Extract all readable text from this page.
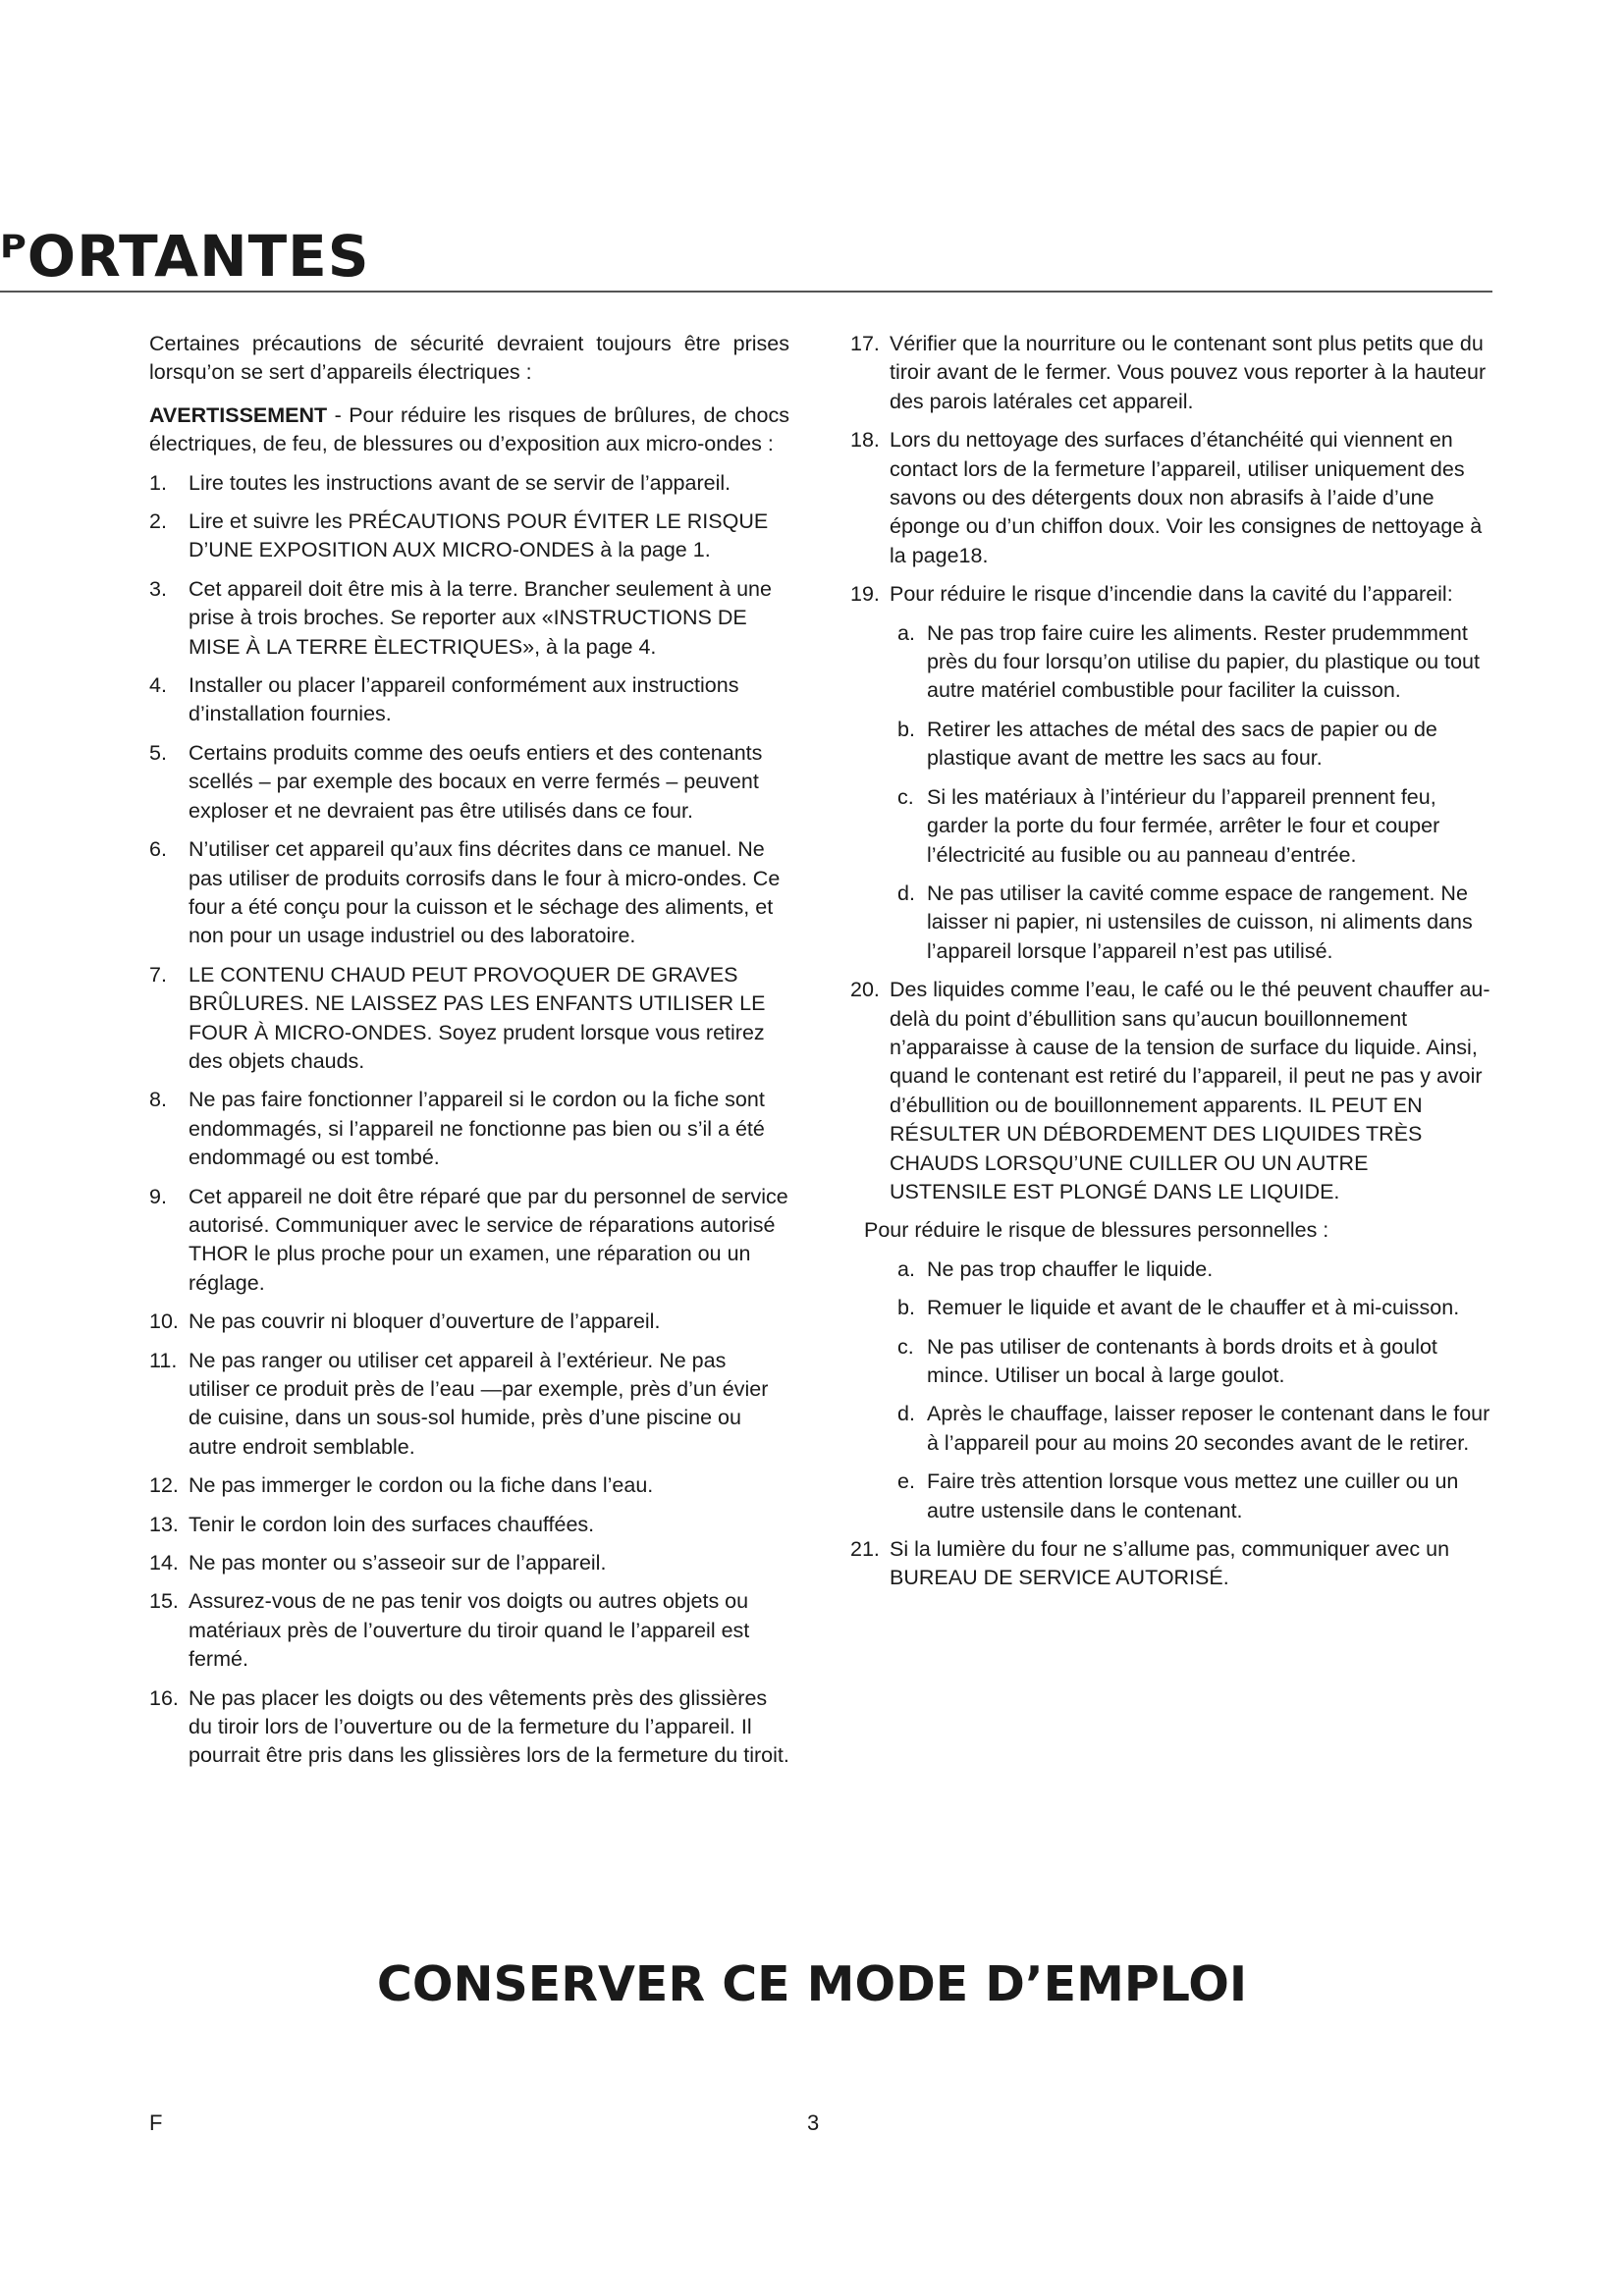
ᴾORTANTES

Certaines précautions de sécurité devraient toujours être prises lorsqu’on se sert d’appareils électriques :

AVERTISSEMENT - Pour réduire les risques de brûlures, de chocs électriques, de feu, de blessures ou d’exposition aux micro-ondes :

1.	Lire toutes les instructions avant de se servir de l’appareil.
2.	Lire et suivre les PRÉCAUTIONS POUR ÉVITER LE RISQUE D’UNE EXPOSITION AUX MICRO-ONDES à la page 1.
3.	Cet appareil doit être mis à la terre. Brancher seulement à une prise à trois broches. Se reporter aux «INSTRUCTIONS DE MISE À LA TERRE ÈLECTRIQUES», à la page 4.
4.	Installer ou placer l’appareil conformément aux instructions d’installation fournies.
5.	Certains produits comme des oeufs entiers et des contenants scellés – par exemple des bocaux en verre fermés – peuvent exploser et ne devraient pas être utilisés dans ce four.
6.	N’utiliser cet appareil qu’aux fins décrites dans ce manuel. Ne pas utiliser de produits corrosifs dans le four à micro-ondes. Ce four a été conçu pour la cuisson et le séchage des aliments, et non pour un usage industriel ou des laboratoire.
7.	LE CONTENU CHAUD PEUT PROVOQUER DE GRAVES BRÛLURES. NE LAISSEZ PAS LES ENFANTS UTILISER LE FOUR À MICRO-ONDES. Soyez prudent lorsque vous retirez des objets chauds.
8.	Ne pas faire fonctionner l’appareil si le cordon ou la fiche sont endommagés, si l’appareil ne fonctionne pas bien ou s’il a été endommagé ou est tombé.
9.	Cet appareil ne doit être réparé que par du personnel de service autorisé. Communiquer avec le service de réparations autorisé THOR le plus proche pour un examen, une réparation ou un réglage.
10. Ne pas couvrir ni bloquer d’ouverture de l’appareil.
11. Ne pas ranger ou utiliser cet appareil à l’extérieur. Ne pas utiliser ce produit près de l’eau —par exemple, près d’un évier de cuisine, dans un sous-sol humide, près d’une piscine ou autre endroit semblable.
12. Ne pas immerger le cordon ou la fiche dans l’eau.
13. Tenir le cordon loin des surfaces chauffées.
14. Ne pas monter ou s’asseoir sur de l’appareil.
15. Assurez-vous de ne pas tenir vos doigts ou autres objets ou matériaux près de l’ouverture du tiroir quand le l’appareil est fermé.
16. Ne pas placer les doigts ou des vêtements près des glissières du tiroir lors de l’ouverture ou de la fermeture du l’appareil. Il pourrait être pris dans les glissières lors de la fermeture du tiroit.
17. Vérifier que la nourriture ou le contenant sont plus petits que du tiroir avant de le fermer. Vous pouvez vous reporter à la hauteur des parois latérales cet appareil.
18. Lors du nettoyage des surfaces d’étanchéité qui viennent en contact lors de la fermeture l’appareil, utiliser uniquement des savons ou des détergents doux non abrasifs à l’aide d’une éponge ou d’un chiffon doux. Voir les consignes de nettoyage à la page18.
19. Pour réduire le risque d’incendie dans la cavité du l’appareil:
a. Ne pas trop faire cuire les aliments. Rester prudemmment près du four lorsqu’on utilise du papier, du plastique ou tout autre matériel combustible pour faciliter la cuisson.
b. Retirer les attaches de métal des sacs de papier ou de plastique avant de mettre les sacs au four.
c. Si les matériaux à l’intérieur du l’appareil prennent feu, garder la porte du four fermée, arrêter le four et couper l’électricité au fusible ou au panneau d’entrée.
d. Ne pas utiliser la cavité comme espace de rangement. Ne laisser ni papier, ni ustensiles de cuisson, ni aliments dans l’appareil lorsque l’appareil n’est pas utilisé.
20. Des liquides comme l’eau, le café ou le thé peuvent chauffer au-delà du point d’ébullition sans qu’aucun bouillonnement n’apparaisse à cause de la tension de surface du liquide. Ainsi, quand le contenant est retiré du l’appareil, il peut ne pas y avoir d’ébullition ou de bouillonnement apparents. IL PEUT EN RÉSULTER UN DÉBORDEMENT DES LIQUIDES TRÈS CHAUDS LORSQU’UNE CUILLER OU UN AUTRE USTENSILE EST PLONGÉ DANS LE LIQUIDE.

Pour réduire le risque de blessures personnelles :

a. Ne pas trop chauffer le liquide.
b. Remuer le liquide et avant de le chauffer et à mi-cuisson.
c. Ne pas utiliser de contenants à bords droits et à goulot mince. Utiliser un bocal à large goulot.
d. Après le chauffage, laisser reposer le contenant dans le four à l’appareil pour au moins 20 secondes avant de le retirer.
e. Faire très attention lorsque vous mettez une cuiller ou un autre ustensile dans le contenant.
21. Si la lumière du four ne s’allume pas, communiquer avec un BUREAU DE SERVICE AUTORISÉ.
CONSERVER CE MODE D’EMPLOI
F	3
